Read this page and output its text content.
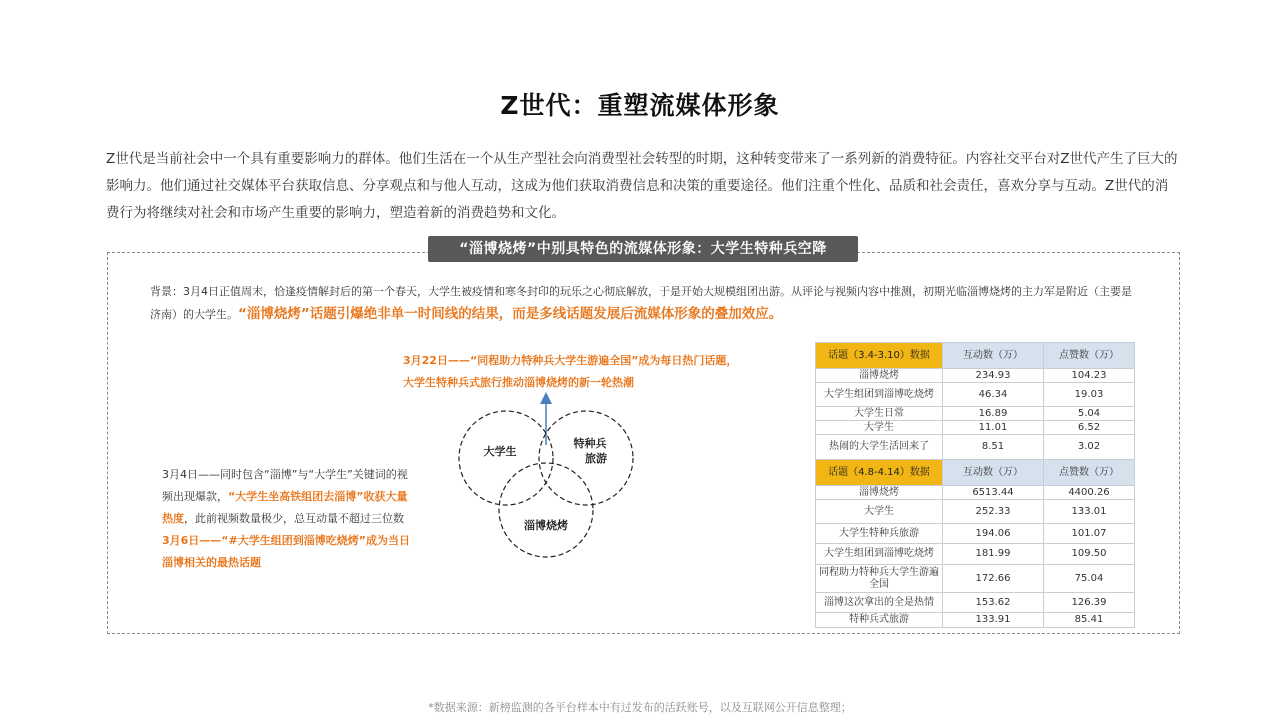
Z世代：重塑流媒体形象
Z世代是当前社会中一个具有重要影响力的群体。他们生活在一个从生产型社会向消费型社会转型的时期，这种转变带来了一系列新的消费特征。内容社交平台对Z世代产生了巨大的影响力。他们通过社交媒体平台获取信息、分享观点和与他人互动，这成为他们获取消费信息和决策的重要途径。他们注重个性化、品质和社会责任，喜欢分享与互动。Z世代的消费行为将继续对社会和市场产生重要的影响力，塑造着新的消费趋势和文化。
“淄博烧烤”中别具特色的流媒体形象：大学生特种兵空降
背景：3月4日正值周末，恰逢疫情解封后的第一个春天，大学生被疫情和寒冬封印的玩乐之心彻底解放，于是开始大规模组团出游。从评论与视频内容中推测，初期光临淄博烧烤的主力军是附近（主要是济南）的大学生。“淄博烧烤”话题引爆绝非单一时间线的结果，而是多线话题发展后流媒体形象的叠加效应。
3月22日——“同程助力特种兵大学生游遍全国”成为每日热门话题，大学生特种兵式旅行推动淄博烧烤的新一轮热潮
3月4日——同时包含“淄博”与“大学生”关键词的视频出现爆款，“大学生坐高铁组团去淄博”收获大量热度，此前视频数量极少，总互动量不超过三位数
3月6日——“#大学生组团到淄博吃烧烤”成为当日淄博相关的最热话题
大学生
特种兵
旅游
淄博烧烤
话题（3.4-3.10）数据	互动数（万）	点赞数（万）
淄博烧烤	234.93	104.23
大学生组团到淄博吃烧烤	46.34	19.03
大学生日常	16.89	5.04
大学生	11.01	6.52
热闹的大学生活回来了	8.51	3.02
话题（4.8-4.14）数据	互动数（万）	点赞数（万）
淄博烧烤	6513.44	4400.26
大学生	252.33	133.01
大学生特种兵旅游	194.06	101.07
大学生组团到淄博吃烧烤	181.99	109.50
同程助力特种兵大学生游遍全国	172.66	75.04
淄博这次拿出的全是热情	153.62	126.39
特种兵式旅游	133.91	85.41
*数据来源：新榜监测的各平台样本中有过发布的活跃账号，以及互联网公开信息整理；
